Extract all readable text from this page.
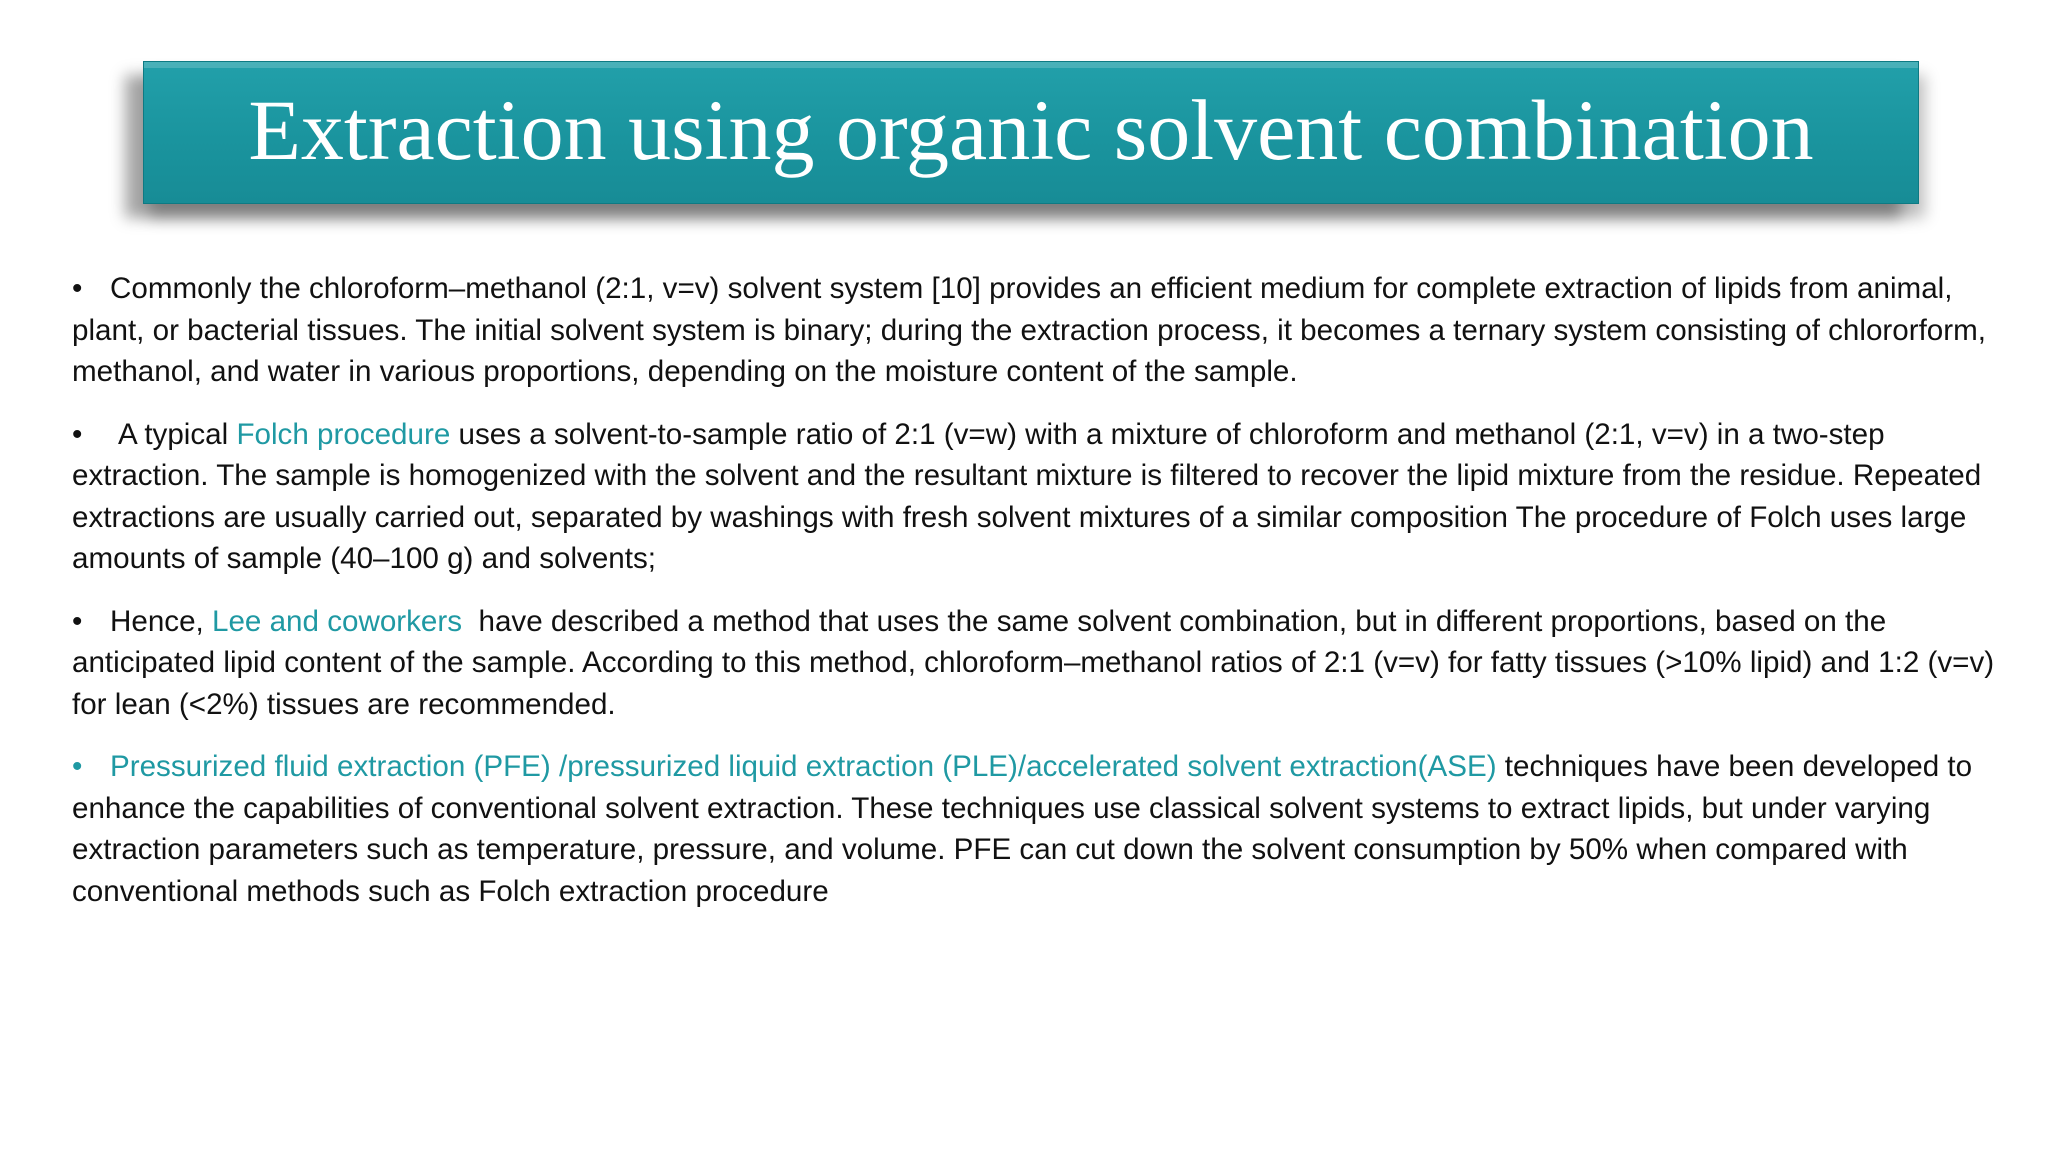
Extraction using organic solvent combination

• Commonly the chloroform–methanol (2:1, v=v) solvent system [10] provides an efficient medium for complete extraction of lipids from animal, plant, or bacterial tissues. The initial solvent system is binary; during the extraction process, it becomes a ternary system consisting of chlororform, methanol, and water in various proportions, depending on the moisture content of the sample.

• A typical Folch procedure uses a solvent-to-sample ratio of 2:1 (v=w) with a mixture of chloroform and methanol (2:1, v=v) in a two-step extraction. The sample is homogenized with the solvent and the resultant mixture is filtered to recover the lipid mixture from the residue. Repeated extractions are usually carried out, separated by washings with fresh solvent mixtures of a similar composition The procedure of Folch uses large amounts of sample (40–100 g) and solvents;

• Hence, Lee and coworkers  have described a method that uses the same solvent combination, but in different proportions, based on the anticipated lipid content of the sample. According to this method, chloroform–methanol ratios of 2:1 (v=v) for fatty tissues (>10% lipid) and 1:2 (v=v) for lean (<2%) tissues are recommended.

• Pressurized fluid extraction (PFE) /pressurized liquid extraction (PLE)/accelerated solvent extraction(ASE) techniques have been developed to enhance the capabilities of conventional solvent extraction. These techniques use classical solvent systems to extract lipids, but under varying extraction parameters such as temperature, pressure, and volume. PFE can cut down the solvent consumption by 50% when compared with conventional methods such as Folch extraction procedure
